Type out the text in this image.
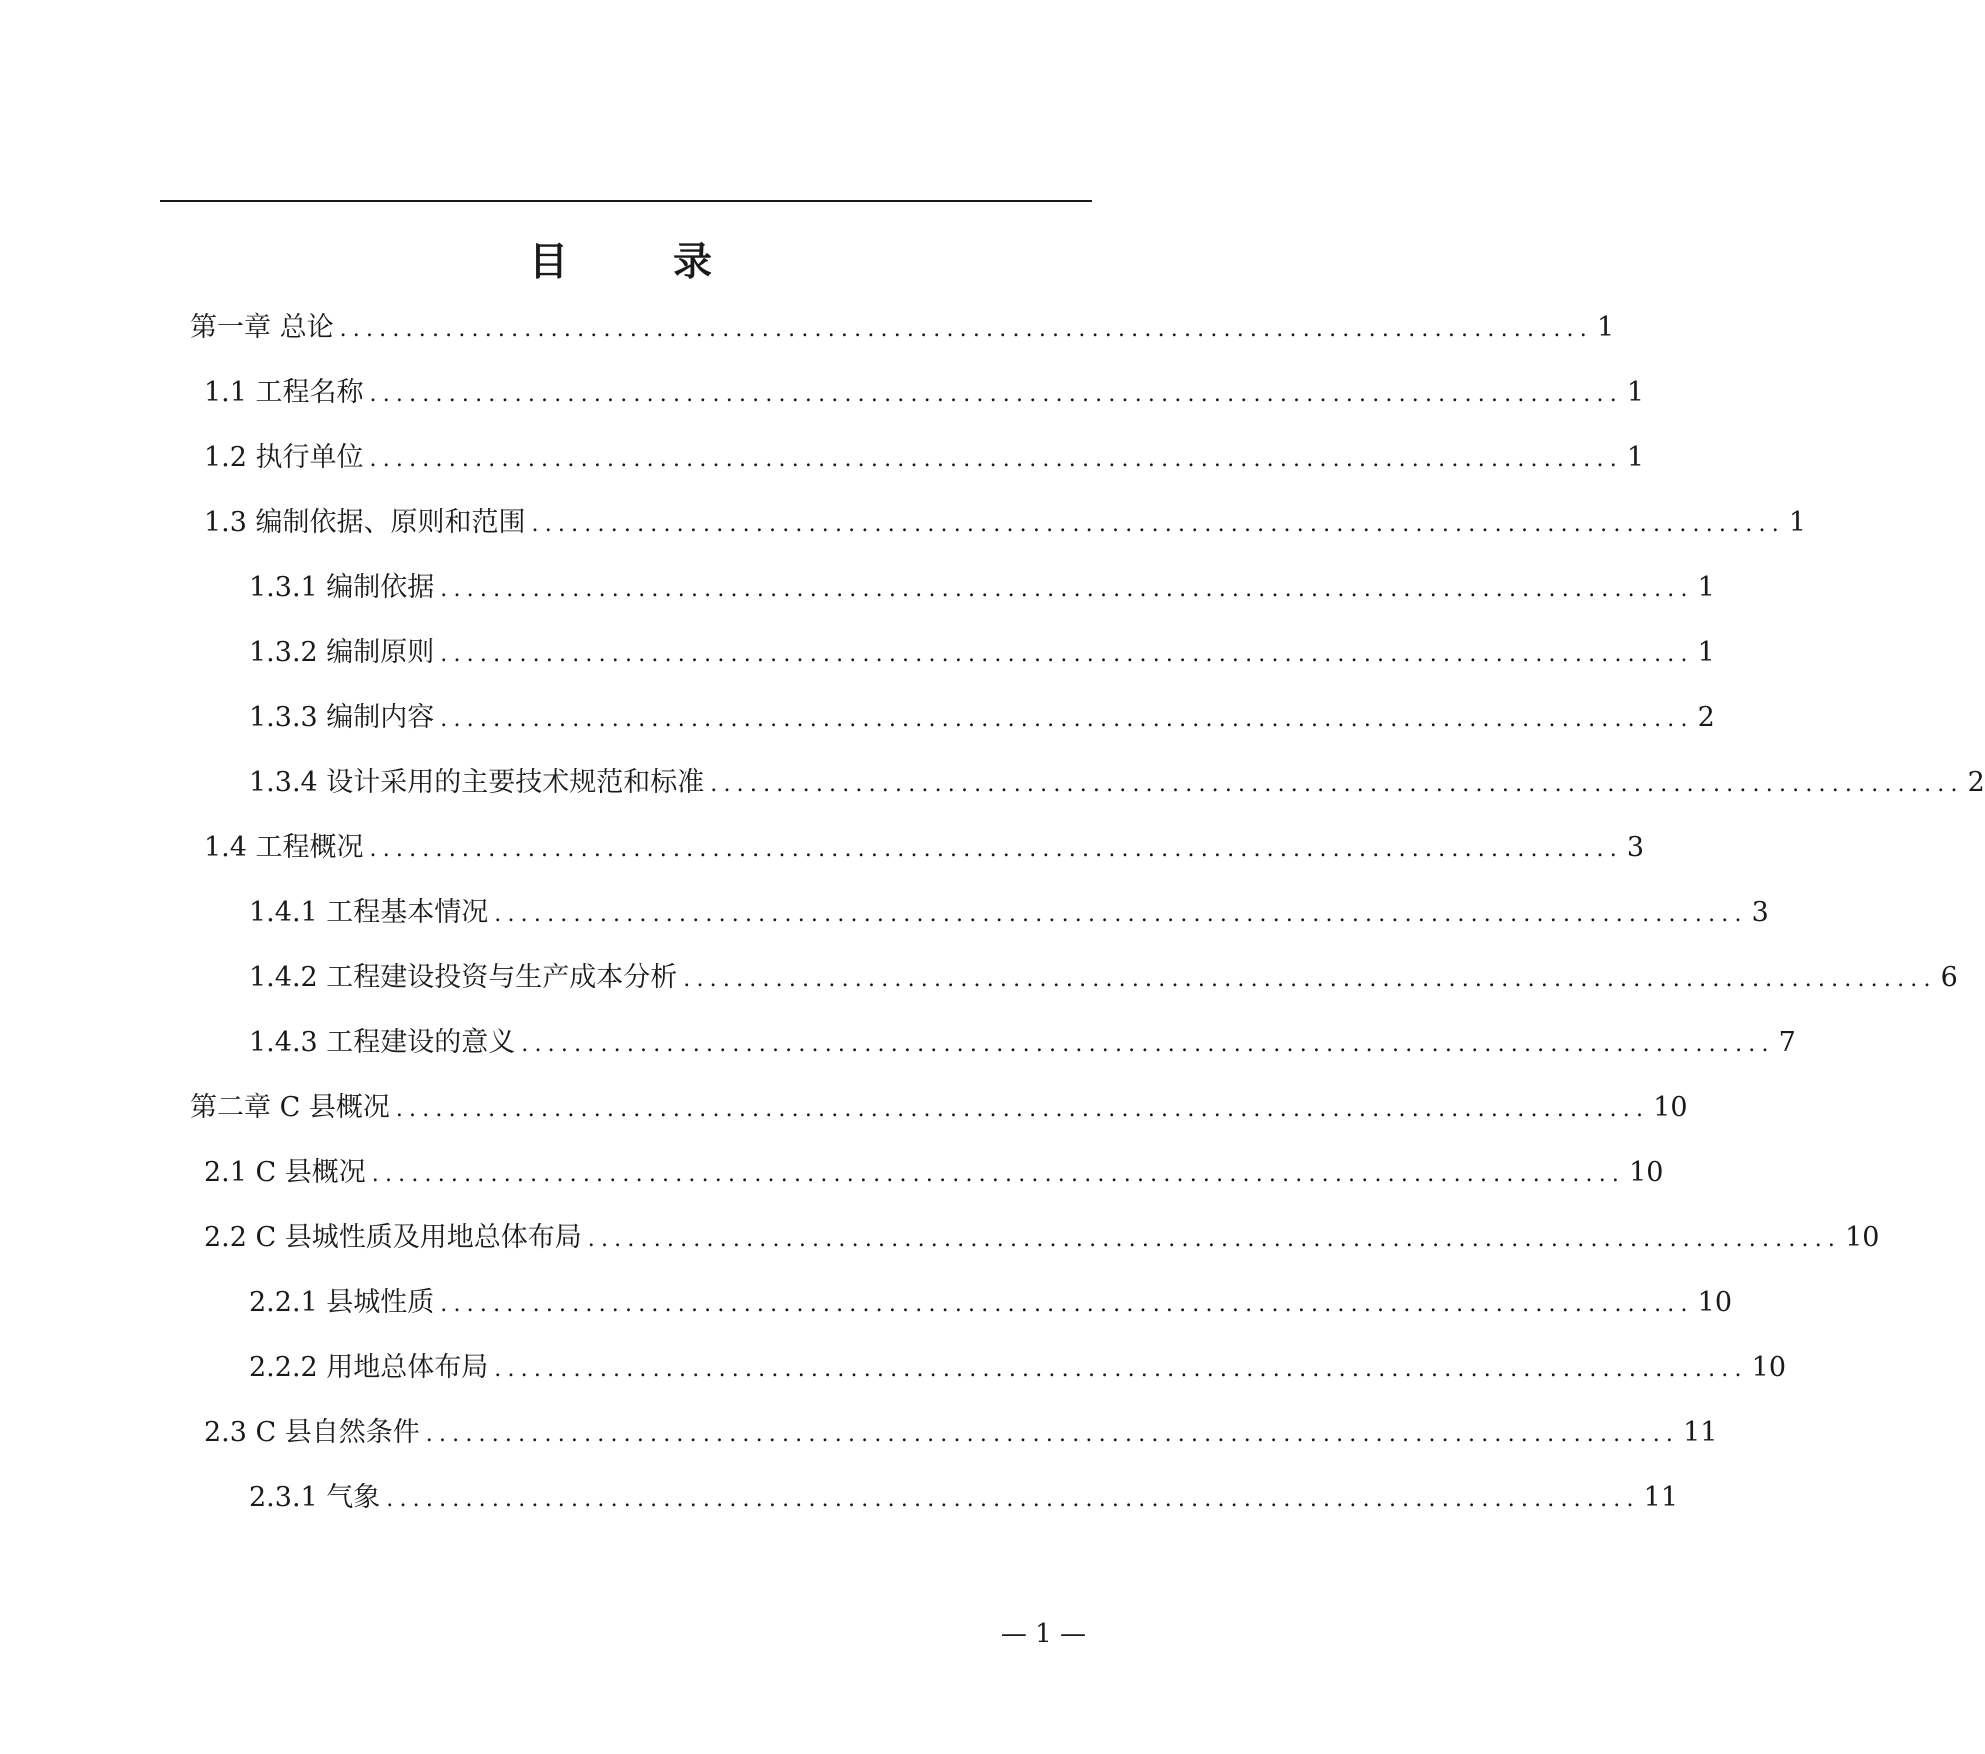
目　录
第一章 总论 ............................................................................................... 1
1.1 工程名称 ............................................................................................... 1
1.2 执行单位 ............................................................................................... 1
1.3 编制依据、原则和范围 ............................................................................................... 1
1.3.1 编制依据 ............................................................................................... 1
1.3.2 编制原则 ............................................................................................... 1
1.3.3 编制内容 ............................................................................................... 2
1.3.4 设计采用的主要技术规范和标准 ............................................................................................... 2
1.4 工程概况 ............................................................................................... 3
1.4.1 工程基本情况 ............................................................................................... 3
1.4.2 工程建设投资与生产成本分析 ............................................................................................... 6
1.4.3 工程建设的意义 ............................................................................................... 7
第二章 C 县概况 ............................................................................................... 10
2.1 C 县概况 ............................................................................................... 10
2.2 C 县城性质及用地总体布局 ............................................................................................... 10
2.2.1 县城性质 ............................................................................................... 10
2.2.2 用地总体布局 ............................................................................................... 10
2.3 C 县自然条件 ............................................................................................... 11
2.3.1 气象 ............................................................................................... 11
— 1 —
